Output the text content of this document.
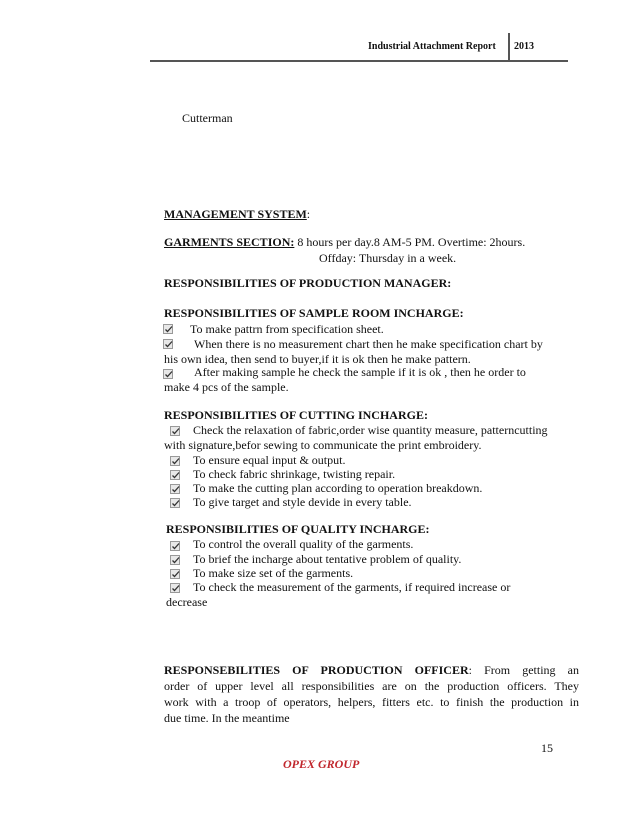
Industrial Attachment Report 2013
Cutterman
MANAGEMENT SYSTEM:
GARMENTS SECTION: 8 hours per day.8 AM-5 PM. Overtime: 2hours.
Offday: Thursday in a week.
RESPONSIBILITIES OF PRODUCTION MANAGER:
RESPONSIBILITIES OF SAMPLE ROOM INCHARGE:
To make pattrn from specification sheet.
When there is no measurement chart then he make specification chart by
his own idea, then send to buyer,if it is ok then he make pattern.
After making sample he check the sample if it is ok , then he order to
make 4 pcs of the sample.
RESPONSIBILITIES OF CUTTING INCHARGE:
Check the relaxation of fabric,order wise quantity measure, patterncutting
with signature,befor sewing to communicate the print embroidery.
To ensure equal input & output.
To check fabric shrinkage, twisting repair.
To make the cutting plan according to operation breakdown.
To give target and style devide in every table.
RESPONSIBILITIES OF QUALITY INCHARGE:
To control the overall quality of the garments.
To brief the incharge about tentative problem of quality.
To make size set of the garments.
To check the measurement of the garments, if required increase or
decrease
RESPONSEBILITIES OF PRODUCTION OFFICER: From getting an
order of upper level all responsibilities are on the production officers. They
work with a troop of operators, helpers, fitters etc. to finish the production in
due time. In the meantime
15
OPEX GROUP
